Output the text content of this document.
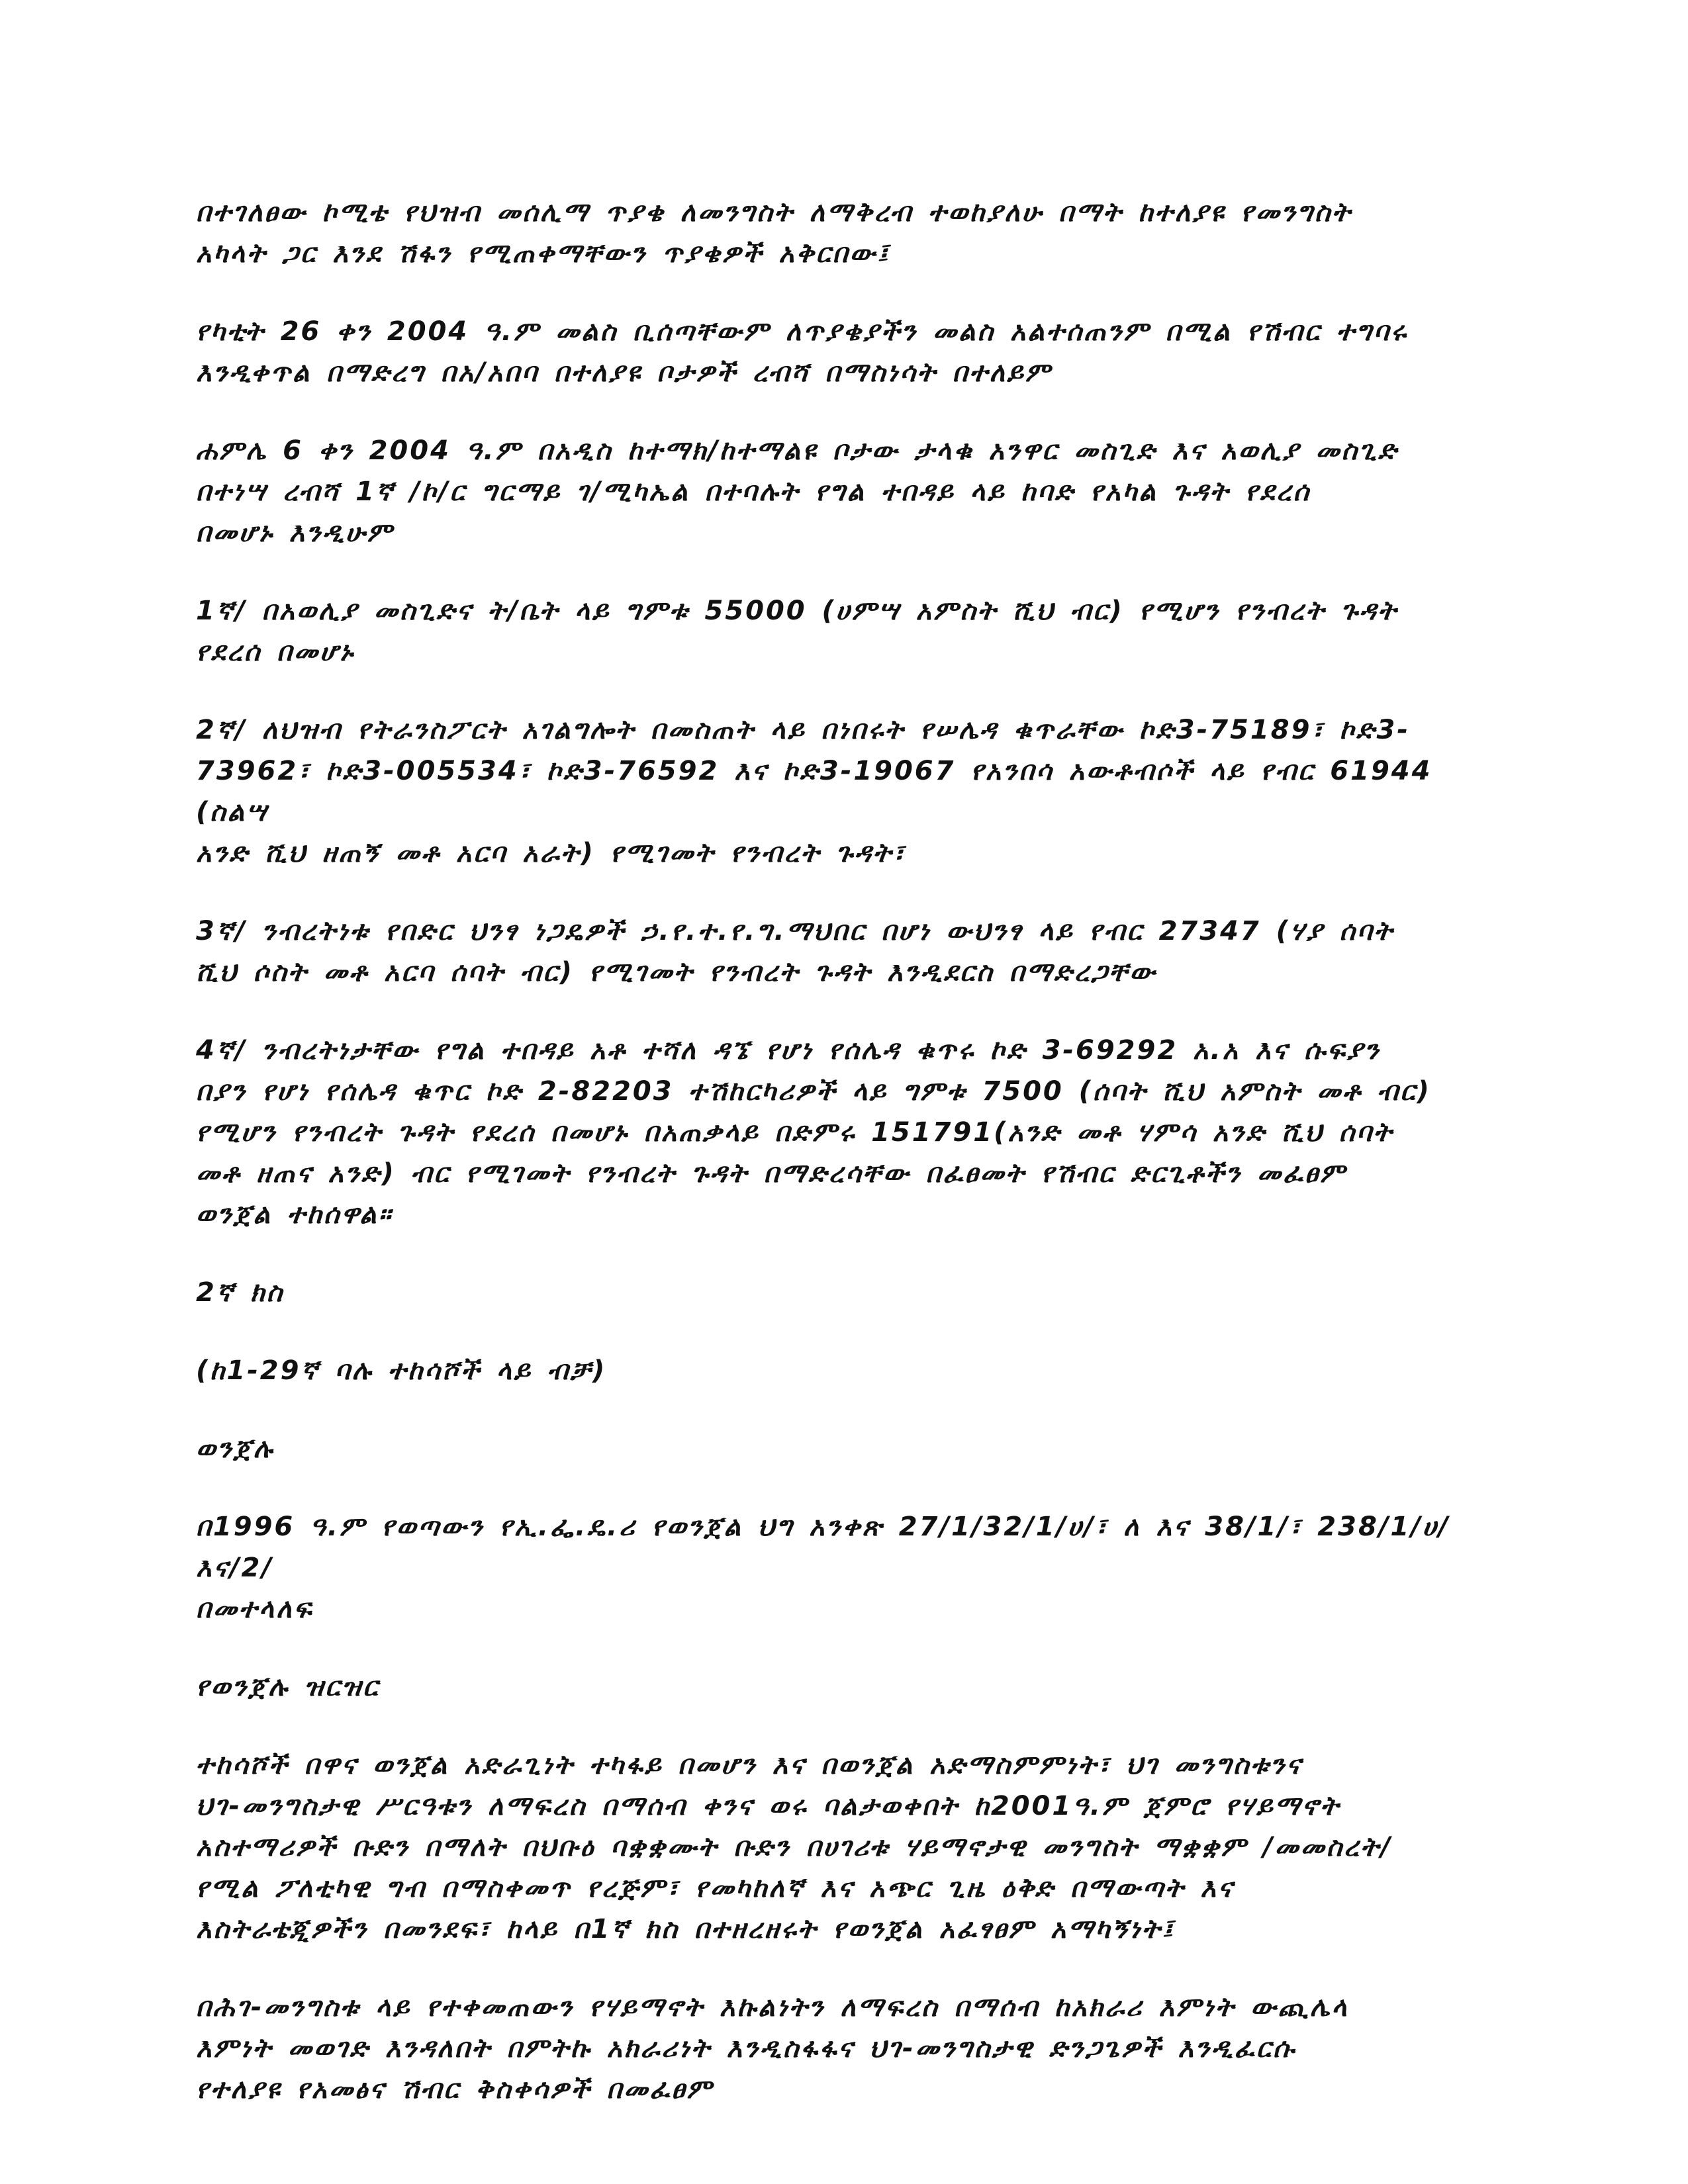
በተገለፀው ኮሚቴ የህዝብ መሰሊማ ጥያቄ ለመንግስት ለማቅረብ ተወከያለሁ በማት ከተለያዩ የመንግስት
አካላት ጋር እንደ ሽፋን የሚጠቀማቸውን ጥያቄዎች አቅርበው፤

የካቲት 26 ቀን 2004 ዓ.ም መልስ ቢሰጣቸውም ለጥያቄያችን መልስ አልተሰጠንም በሚል የሽብር ተግባሩ
እንዲቀጥል በማድረግ በአ/አበባ በተለያዩ ቦታዎች ረብሻ በማስነሳት በተለይም

ሐምሌ 6 ቀን 2004 ዓ.ም በአዲስ ከተማክ/ከተማልዩ ቦታው ታላቁ አንዋር መስጊድ እና አወሊያ መስጊድ
በተነሣ ረብሻ 1ኛ /ኮ/ር ግርማይ ገ/ሚካኤል በተባሉት የግል ተበዳይ ላይ ከባድ የአካል ጉዳት የደረሰ
በመሆኑ እንዲሁም

1ኛ/ በአወሊያ መስጊድና ት/ቤት ላይ ግምቱ 55000 (ሀምሣ አምስት ሺህ ብር) የሚሆን የንብረት ጉዳት
የደረሰ በመሆኑ

2ኛ/ ለህዝብ የትራንስፖርት አገልግሎት በመስጠት ላይ በነበሩት የሠሌዳ ቁጥራቸው ኮድ3-75189፣ ኮድ3-
73962፣ ኮድ3-005534፣ ኮድ3-76592 እና ኮድ3-19067 የአንበሳ አውቶብሶች ላይ የብር 61944 (ስልሣ
አንድ ሺህ ዘጠኝ መቶ አርባ አራት) የሚገመት የንብረት ጉዳት፣

3ኛ/ ንብረትነቱ የበድር ህንፃ ነጋዴዎች ኃ.የ.ተ.የ.ግ.ማህበር በሆነ ውህንፃ ላይ የብር 27347 (ሃያ ሰባት
ሺህ ሶስት መቶ አርባ ሰባት ብር) የሚገመት የንብረት ጉዳት እንዲደርስ በማድረጋቸው

4ኛ/ ንብረትነታቸው የግል ተበዳይ አቶ ተሻለ ዳኜ የሆነ የሰሌዳ ቁጥሩ ኮድ 3-69292 አ.አ እና ሱፍያን
በያን የሆነ የሰሌዳ ቁጥር ኮድ 2-82203 ተሽከርካሪዎች ላይ ግምቱ 7500 (ሰባት ሺህ አምስት መቶ ብር)
የሚሆን የንብረት ጉዳት የደረሰ በመሆኑ በአጠቃላይ በድምሩ 151791(አንድ መቶ ሃምሳ አንድ ሺህ ሰባት
መቶ ዘጠና አንድ) ብር የሚገመት የንብረት ጉዳት በማድረሳቸው በፈፀመት የሽብር ድርጊቶችን መፈፀም
ወንጀል ተከሰዋል።

2ኛ ክስ

(ከ1-29ኛ ባሉ ተከሳሾች ላይ ብቻ)

ወንጀሉ

በ1996 ዓ.ም የወጣውን የኢ.ፌ.ዴ.ሪ የወንጀል ህግ አንቀጽ 27/1/32/1/ሀ/፣ ለ እና 38/1/፣ 238/1/ሀ/እና/2/
በመተላለፍ

የወንጀሉ ዝርዝር

ተከሳሾች በዋና ወንጀል አድራጊነት ተካፋይ በመሆን እና በወንጀል አድማስምምነት፣ ህገ መንግስቱንና
ህገ-መንግስታዊ ሥርዓቱን ለማፍረስ በማሰብ ቀንና ወሩ ባልታወቀበት ከ2001ዓ.ም ጀምሮ የሃይማኖት
አስተማሪዎች ቡድን በማለት በህቡዕ ባቋቋሙት ቡድን በሀገሪቱ ሃይማኖታዊ መንግስት ማቋቋም /መመስረት/
የሚል ፖለቲካዊ ግብ በማስቀመጥ የረጅም፣ የመካከለኛ እና አጭር ጊዜ ዕቅድ በማውጣት እና
እስትራቴጂዎችን በመንደፍ፣ ከላይ በ1ኛ ክስ በተዘረዘሩት የወንጀል አፈፃፀም አማካኝነት፤

በሕገ-መንግስቱ ላይ የተቀመጠውን የሃይማኖት እኩልነትን ለማፍረስ በማሰብ ከአክራሪ እምነት ውጪሌላ
እምነት መወገድ እንዳለበት በምትኩ አክራሪነት እንዲስፋፋና ህገ-መንግስታዊ ድንጋጌዎች እንዲፈርሱ
የተለያዩ የአመፅና ሽብር ቅስቀሳዎች በመፈፀም
